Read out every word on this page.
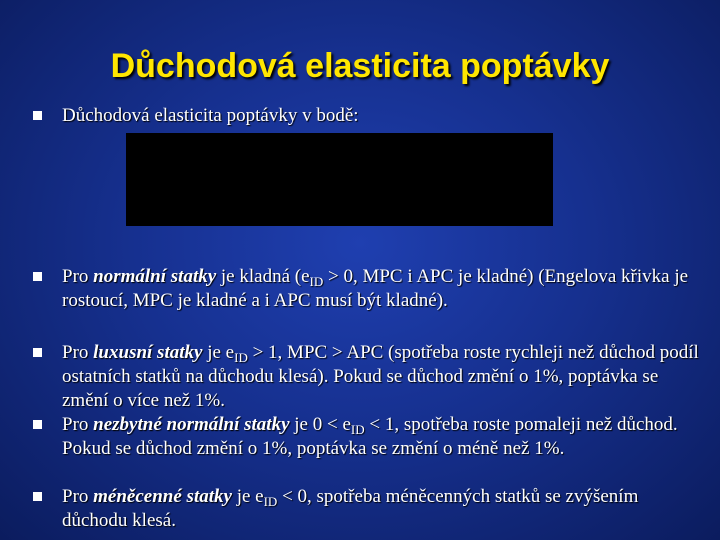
Důchodová elasticita poptávky
Důchodová elasticita poptávky v bodě:
Pro normální statky je kladná ($e_{ID} > 0$, MPC i APC je kladné) (Engelova křivka je rostoucí, MPC je kladné a i APC musí být kladné).
Pro luxusní statky je $e_{ID} > 1$, MPC > APC (spotřeba roste rychleji než důchod podíl ostatních statků na důchodu klesá). Pokud se důchod změní o 1%, poptávka se změní o více než 1%.
Pro nezbytné normální statky je $0 < e_{ID} < 1$, spotřeba roste pomaleji než důchod. Pokud se důchod změní o 1%, poptávka se změní o méně než 1%.
Pro méněcenné statky je $e_{ID} < 0$, spotřeba méněcenných statků se zvýšením důchodu klesá.
